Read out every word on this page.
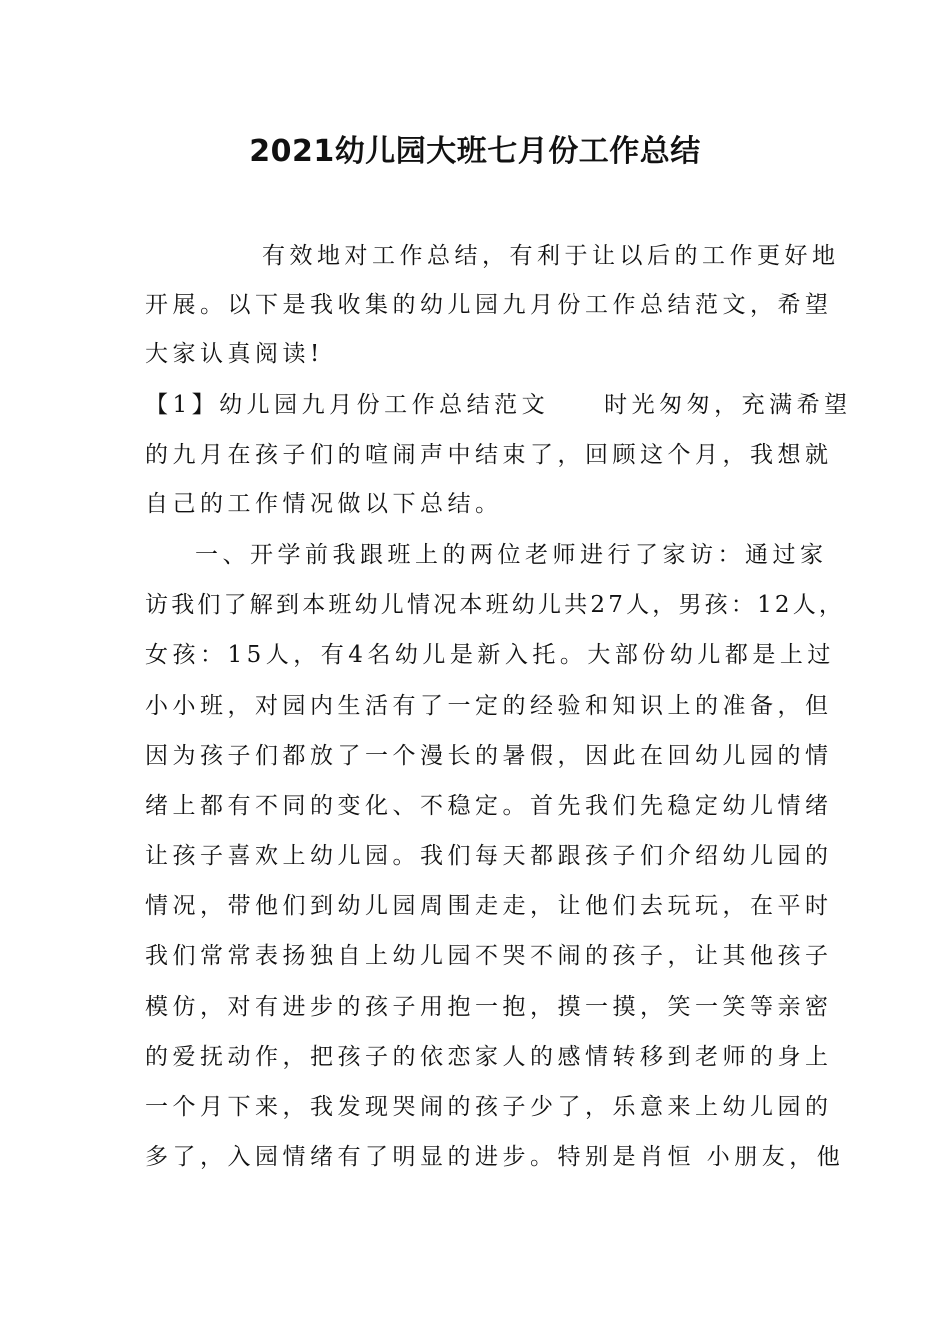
2021幼儿园大班七月份工作总结
有效地对工作总结，有利于让以后的工作更好地
开展。以下是我收集的幼儿园九月份工作总结范文，希望
大家认真阅读!
【1】幼儿园九月份工作总结范文　　时光匆匆，充满希望
的九月在孩子们的喧闹声中结束了，回顾这个月，我想就
自己的工作情况做以下总结。
一、开学前我跟班上的两位老师进行了家访：通过家
访我们了解到本班幼儿情况本班幼儿共27人，男孩：12人，
女孩：15人，有4名幼儿是新入托。大部份幼儿都是上过
小小班，对园内生活有了一定的经验和知识上的准备，但
因为孩子们都放了一个漫长的暑假，因此在回幼儿园的情
绪上都有不同的变化、不稳定。首先我们先稳定幼儿情绪
让孩子喜欢上幼儿园。我们每天都跟孩子们介绍幼儿园的
情况，带他们到幼儿园周围走走，让他们去玩玩，在平时
我们常常表扬独自上幼儿园不哭不闹的孩子，让其他孩子
模仿，对有进步的孩子用抱一抱，摸一摸，笑一笑等亲密
的爱抚动作，把孩子的依恋家人的感情转移到老师的身上
一个月下来，我发现哭闹的孩子少了，乐意来上幼儿园的
多了，入园情绪有了明显的进步。特别是肖恒 小朋友，他
